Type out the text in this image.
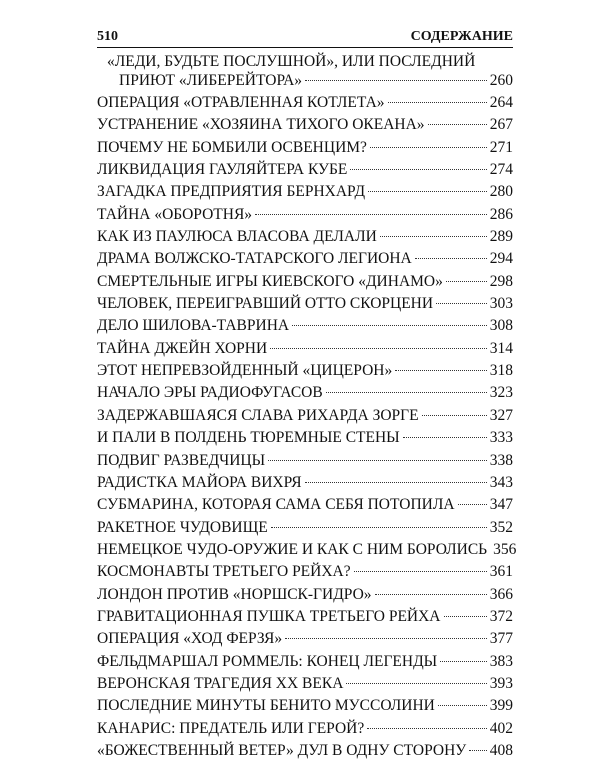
510	СОДЕРЖАНИЕ
«ЛЕДИ, БУДЬТЕ ПОСЛУШНОЙ», ИЛИ ПОСЛЕДНИЙ
ПРИЮТ «ЛИБЕРЕЙТОРА»	260
ОПЕРАЦИЯ «ОТРАВЛЕННАЯ КОТЛЕТА»	264
УСТРАНЕНИЕ «ХОЗЯИНА ТИХОГО ОКЕАНА»	267
ПОЧЕМУ НЕ БОМБИЛИ ОСВЕНЦИМ?	271
ЛИКВИДАЦИЯ ГАУЛЯЙТЕРА КУБЕ	274
ЗАГАДКА ПРЕДПРИЯТИЯ БЕРНХАРД	280
ТАЙНА «ОБОРОТНЯ»	286
КАК ИЗ ПАУЛЮСА ВЛАСОВА ДЕЛАЛИ	289
ДРАМА ВОЛЖСКО-ТАТАРСКОГО ЛЕГИОНА	294
СМЕРТЕЛЬНЫЕ ИГРЫ КИЕВСКОГО «ДИНАМО»	298
ЧЕЛОВЕК, ПЕРЕИГРАВШИЙ ОТТО СКОРЦЕНИ	303
ДЕЛО ШИЛОВА-ТАВРИНА	308
ТАЙНА ДЖЕЙН ХОРНИ	314
ЭТОТ НЕПРЕВЗОЙДЕННЫЙ «ЦИЦЕРОН»	318
НАЧАЛО ЭРЫ РАДИОФУГАСОВ	323
ЗАДЕРЖАВШАЯСЯ СЛАВА РИХАРДА ЗОРГЕ	327
И ПАЛИ В ПОЛДЕНЬ ТЮРЕМНЫЕ СТЕНЫ	333
ПОДВИГ РАЗВЕДЧИЦЫ	338
РАДИСТКА МАЙОРА ВИХРЯ	343
СУБМАРИНА, КОТОРАЯ САМА СЕБЯ ПОТОПИЛА 347
РАКЕТНОЕ ЧУДОВИЩЕ	352
НЕМЕЦКОЕ ЧУДО-ОРУЖИЕ И КАК С НИМ БОРОЛИСЬ 356
КОСМОНАВТЫ ТРЕТЬЕГО РЕЙХА?	361
ЛОНДОН ПРОТИВ «НОРШСК-ГИДРО»	366
ГРАВИТАЦИОННАЯ ПУШКА ТРЕТЬЕГО РЕЙХА	372
ОПЕРАЦИЯ «ХОД ФЕРЗЯ»	377
ФЕЛЬДМАРШАЛ РОММЕЛЬ: КОНЕЦ ЛЕГЕНДЫ	383
ВЕРОНСКАЯ ТРАГЕДИЯ XX ВЕКА	393
ПОСЛЕДНИЕ МИНУТЫ БЕНИТО МУССОЛИНИ	399
КАНАРИС: ПРЕДАТЕЛЬ ИЛИ ГЕРОЙ?	402
«БОЖЕСТВЕННЫЙ ВЕТЕР» ДУЛ В ОДНУ СТОРОНУ 408
